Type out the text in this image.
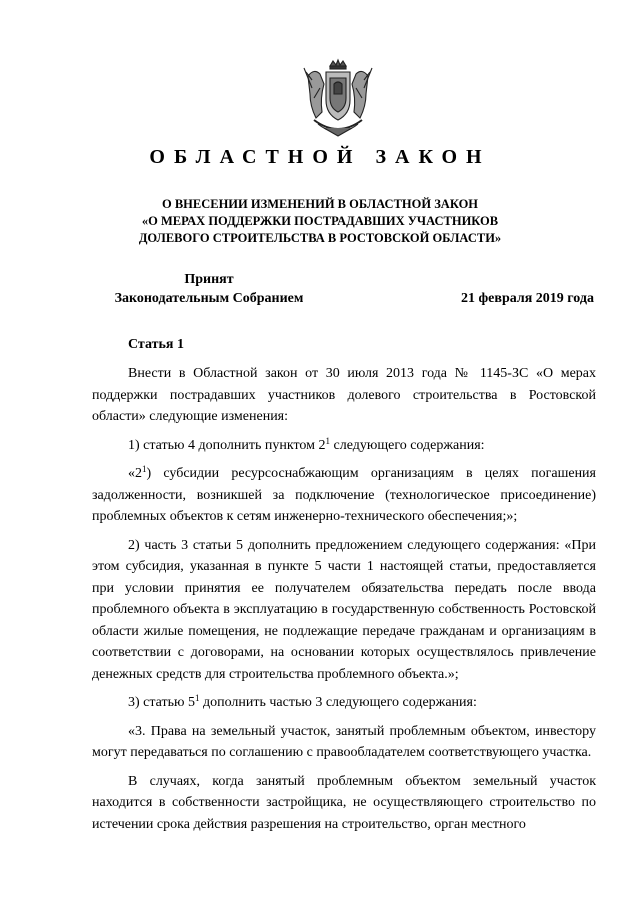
ОБЛАСТНОЙ ЗАКОН
О ВНЕСЕНИИ ИЗМЕНЕНИЙ В ОБЛАСТНОЙ ЗАКОН
«О МЕРАХ ПОДДЕРЖКИ ПОСТРАДАВШИХ УЧАСТНИКОВ
ДОЛЕВОГО СТРОИТЕЛЬСТВА В РОСТОВСКОЙ ОБЛАСТИ»
Принят
Законодательным Собранием	21 февраля 2019 года
Статья 1

Внести в Областной закон от 30 июля 2013 года № 1145-ЗС «О мерах поддержки пострадавших участников долевого строительства в Ростовской области» следующие изменения:

1) статью 4 дополнить пунктом $2^1$ следующего содержания:

«$2^1$) субсидии ресурсоснабжающим организациям в целях погашения задолженности, возникшей за подключение (технологическое присоединение) проблемных объектов к сетям инженерно-технического обеспечения;»;

2) часть 3 статьи 5 дополнить предложением следующего содержания: «При этом субсидия, указанная в пункте 5 части 1 настоящей статьи, предоставляется при условии принятия ее получателем обязательства передать после ввода проблемного объекта в эксплуатацию в государственную собственность Ростовской области жилые помещения, не подлежащие передаче гражданам и организациям в соответствии с договорами, на основании которых осуществлялось привлечение денежных средств для строительства проблемного объекта.»;

3) статью $5^1$ дополнить частью 3 следующего содержания:

«3. Права на земельный участок, занятый проблемным объектом, инвестору могут передаваться по соглашению с правообладателем соответствующего участка.

В случаях, когда занятый проблемным объектом земельный участок находится в собственности застройщика, не осуществляющего строительство по истечении срока действия разрешения на строительство, орган местного
